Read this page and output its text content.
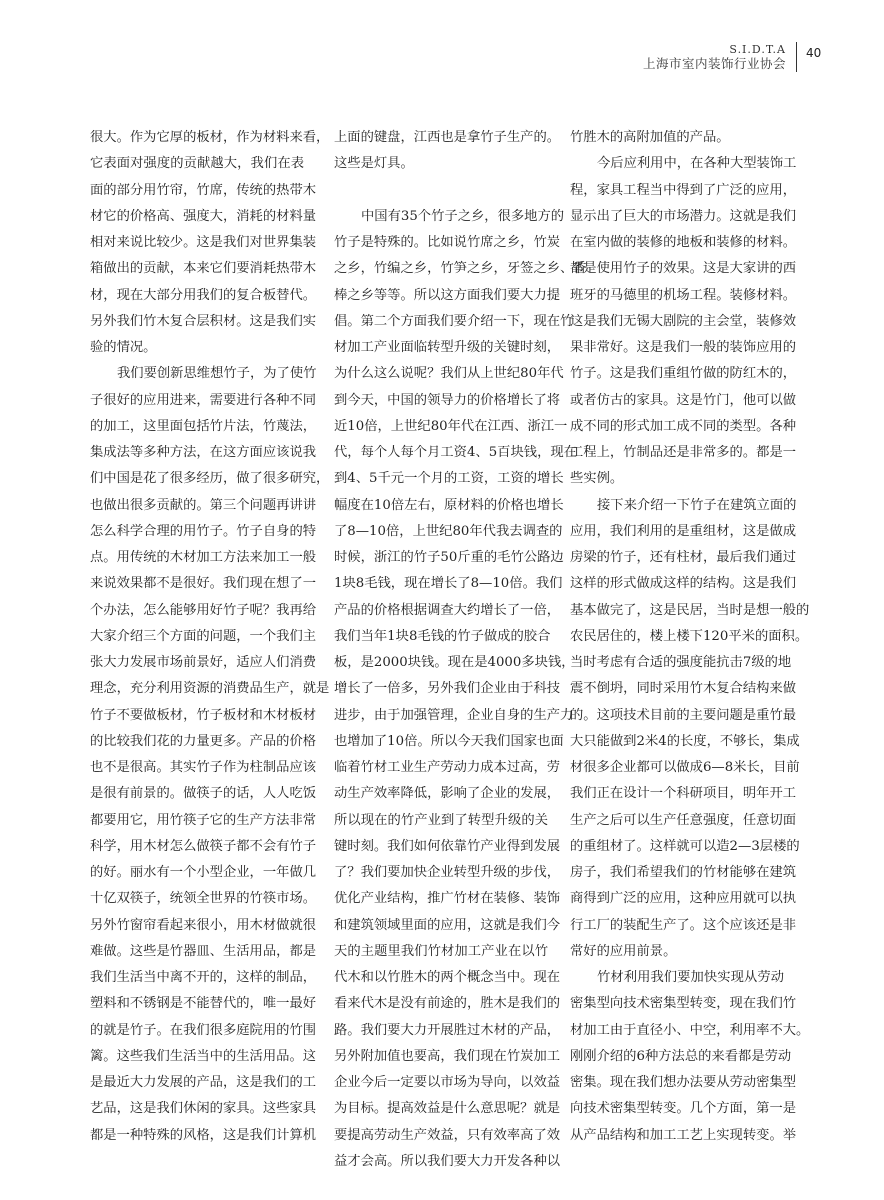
S.I.D.T.A
上海市室内装饰行业协会
40
很大。作为它厚的板材，作为材料来看，
它表面对强度的贡献越大，我们在表
面的部分用竹帘，竹席，传统的热带木
材它的价格高、强度大，消耗的材料量
相对来说比较少。这是我们对世界集装
箱做出的贡献，本来它们要消耗热带木
材，现在大部分用我们的复合板替代。
另外我们竹木复合层积材。这是我们实
验的情况。
我们要创新思维想竹子，为了使竹
子很好的应用进来，需要进行各种不同
的加工，这里面包括竹片法，竹蔑法，
集成法等多种方法，在这方面应该说我
们中国是花了很多经历，做了很多研究，
也做出很多贡献的。第三个问题再讲讲
怎么科学合理的用竹子。竹子自身的特
点。用传统的木材加工方法来加工一般
来说效果都不是很好。我们现在想了一
个办法，怎么能够用好竹子呢？我再给
大家介绍三个方面的问题，一个我们主
张大力发展市场前景好，适应人们消费
理念，充分利用资源的消费品生产，就是
竹子不要做板材，竹子板材和木材板材
的比较我们花的力量更多。产品的价格
也不是很高。其实竹子作为柱制品应该
是很有前景的。做筷子的话，人人吃饭
都要用它，用竹筷子它的生产方法非常
科学，用木材怎么做筷子都不会有竹子
的好。丽水有一个小型企业，一年做几
十亿双筷子，统领全世界的竹筷市场。
另外竹窗帘看起来很小，用木材做就很
难做。这些是竹器皿、生活用品，都是
我们生活当中离不开的，这样的制品，
塑料和不锈钢是不能替代的，唯一最好
的就是竹子。在我们很多庭院用的竹围
篱。这些我们生活当中的生活用品。这
是最近大力发展的产品，这是我们的工
艺品，这是我们休闲的家具。这些家具
都是一种特殊的风格，这是我们计算机
上面的键盘，江西也是拿竹子生产的。
这些是灯具。
中国有35个竹子之乡，很多地方的
竹子是特殊的。比如说竹席之乡，竹炭
之乡，竹编之乡，竹笋之乡，牙签之乡、香
棒之乡等等。所以这方面我们要大力提
倡。第二个方面我们要介绍一下，现在竹
材加工产业面临转型升级的关键时刻，
为什么这么说呢？我们从上世纪80年代
到今天，中国的领导力的价格增长了将
近10倍，上世纪80年代在江西、浙江一
代，每个人每个月工资4、5百块钱，现在
到4、5千元一个月的工资，工资的增长
幅度在10倍左右，原材料的价格也增长
了8—10倍，上世纪80年代我去调查的
时候，浙江的竹子50斤重的毛竹公路边
1块8毛钱，现在增长了8—10倍。我们
产品的价格根据调查大约增长了一倍，
我们当年1块8毛钱的竹子做成的胶合
板，是2000块钱。现在是4000多块钱，
增长了一倍多，另外我们企业由于科技
进步，由于加强管理，企业自身的生产力
也增加了10倍。所以今天我们国家也面
临着竹材工业生产劳动力成本过高，劳
动生产效率降低，影响了企业的发展，
所以现在的竹产业到了转型升级的关
键时刻。我们如何依靠竹产业得到发展
了？我们要加快企业转型升级的步伐，
优化产业结构，推广竹材在装修、装饰
和建筑领域里面的应用，这就是我们今
天的主题里我们竹材加工产业在以竹
代木和以竹胜木的两个概念当中。现在
看来代木是没有前途的，胜木是我们的
路。我们要大力开展胜过木材的产品，
另外附加值也要高，我们现在竹炭加工
企业今后一定要以市场为导向，以效益
为目标。提高效益是什么意思呢？就是
要提高劳动生产效益，只有效率高了效
益才会高。所以我们要大力开发各种以
竹胜木的高附加值的产品。
今后应利用中，在各种大型装饰工
程，家具工程当中得到了广泛的应用，
显示出了巨大的市场潜力。这就是我们
在室内做的装修的地板和装修的材料。
都是使用竹子的效果。这是大家讲的西
班牙的马德里的机场工程。装修材料。
这是我们无锡大剧院的主会堂，装修效
果非常好。这是我们一般的装饰应用的
竹子。这是我们重组竹做的防红木的，
或者仿古的家具。这是竹门，他可以做
成不同的形式加工成不同的类型。各种
工程上，竹制品还是非常多的。都是一
些实例。
接下来介绍一下竹子在建筑立面的
应用，我们利用的是重组材，这是做成
房梁的竹子，还有柱材，最后我们通过
这样的形式做成这样的结构。这是我们
基本做完了，这是民居，当时是想一般的
农民居住的，楼上楼下120平米的面积。
当时考虑有合适的强度能抗击7级的地
震不倒坍，同时采用竹木复合结构来做
的。这项技术目前的主要问题是重竹最
大只能做到2米4的长度，不够长，集成
材很多企业都可以做成6—8米长，目前
我们正在设计一个科研项目，明年开工
生产之后可以生产任意强度，任意切面
的重组材了。这样就可以造2—3层楼的
房子，我们希望我们的竹材能够在建筑
商得到广泛的应用，这种应用就可以执
行工厂的装配生产了。这个应该还是非
常好的应用前景。
竹材利用我们要加快实现从劳动
密集型向技术密集型转变，现在我们竹
材加工由于直径小、中空，利用率不大。
刚刚介绍的6种方法总的来看都是劳动
密集。现在我们想办法要从劳动密集型
向技术密集型转变。几个方面，第一是
从产品结构和加工工艺上实现转变。举
